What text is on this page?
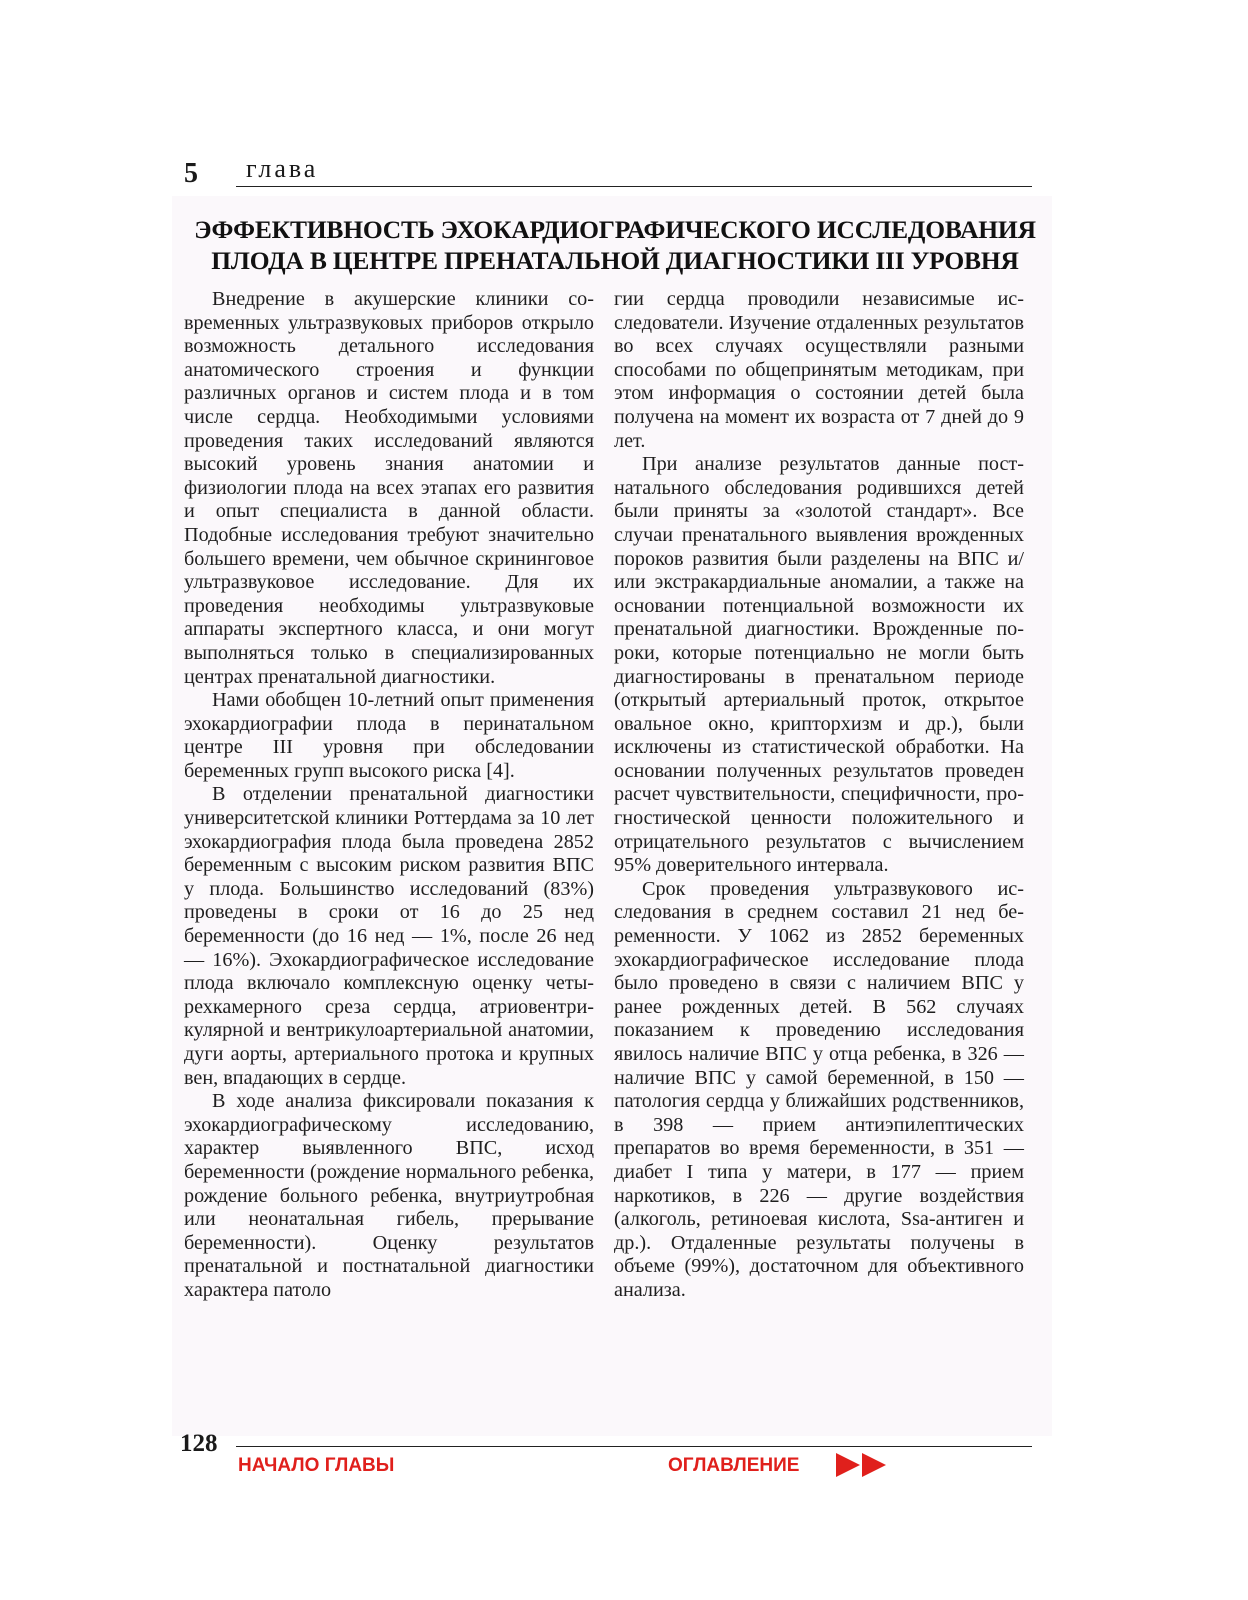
5 глава
ЭФФЕКТИВНОСТЬ ЭХОКАРДИОГРАФИЧЕСКОГО ИССЛЕДОВАНИЯ
ПЛОДА В ЦЕНТРЕ ПРЕНАТАЛЬНОЙ ДИАГНОСТИКИ III УРОВНЯ

Внедрение в акушерские клиники современных ультразвуковых приборов открыло возможность детального исследования анатомического строения и функции различных органов и систем плода и в том числе сердца. Необходимыми условиями проведения таких исследований являются высокий уровень знания анатомии и физиологии плода на всех этапах его развития и опыт специалиста в данной области. Подобные исследования требуют значительно большего времени, чем обычное скрининговое ультразвуковое исследование. Для их проведения необходимы ультразвуковые аппараты экспертного класса, и они могут выполняться только в специализированных центрах пренатальной диагностики.

Нами обобщен 10-летний опыт применения эхокардиографии плода в перинатальном центре III уровня при обследовании беременных групп высокого риска [4].

В отделении пренатальной диагностики университетской клиники Роттердама за 10 лет эхокардиография плода была проведена 2852 беременным с высоким риском развития ВПС у плода. Большинство исследований (83%) проведены в сроки от 16 до 25 нед беременности (до 16 нед — 1%, после 26 нед — 16%). Эхокардиографическое исследование плода включало комплексную оценку четырехкамерного среза сердца, атриовентрикулярной и вентрикулоартериальной анатомии, дуги аорты, артериального протока и крупных вен, впадающих в сердце.

В ходе анализа фиксировали показания к эхокардиографическому исследованию, характер выявленного ВПС, исход беременности (рождение нормального ребенка, рождение больного ребенка, внутриутробная или неонатальная гибель, прерывание беременности). Оценку результатов пренатальной и постнатальной диагностики характера патоло

гии сердца проводили независимые исследователи. Изучение отдаленных результатов во всех случаях осуществляли разными способами по общепринятым методикам, при этом информация о состоянии детей была получена на момент их возраста от 7 дней до 9 лет.

При анализе результатов данные постнатального обследования родившихся детей были приняты за «золотой стандарт». Все случаи пренатального выявления врожденных пороков развития были разделены на ВПС и/или экстракардиальные аномалии, а также на основании потенциальной возможности их пренатальной диагностики. Врожденные пороки, которые потенциально не могли быть диагностированы в пренатальном периоде (открытый артериальный проток, открытое овальное окно, крипторхизм и др.), были исключены из статистической обработки. На основании полученных результатов проведен расчет чувствительности, специфичности, прогностической ценности положительного и отрицательного результатов с вычислением 95% доверительного интервала.

Срок проведения ультразвукового исследования в среднем составил 21 нед беременности. У 1062 из 2852 беременных эхокардиографическое исследование плода было проведено в связи с наличием ВПС у ранее рожденных детей. В 562 случаях показанием к проведению исследования явилось наличие ВПС у отца ребенка, в 326 — наличие ВПС у самой беременной, в 150 — патология сердца у ближайших родственников, в 398 — прием антиэпилептических препаратов во время беременности, в 351 — диабет I типа у матери, в 177 — прием наркотиков, в 226 — другие воздействия (алкоголь, ретиноевая кислота, Ssa-антиген и др.). Отдаленные результаты получены в объеме (99%), достаточном для объективного анализа.

128
НАЧАЛО ГЛАВЫ	ОГЛАВЛЕНИЕ
